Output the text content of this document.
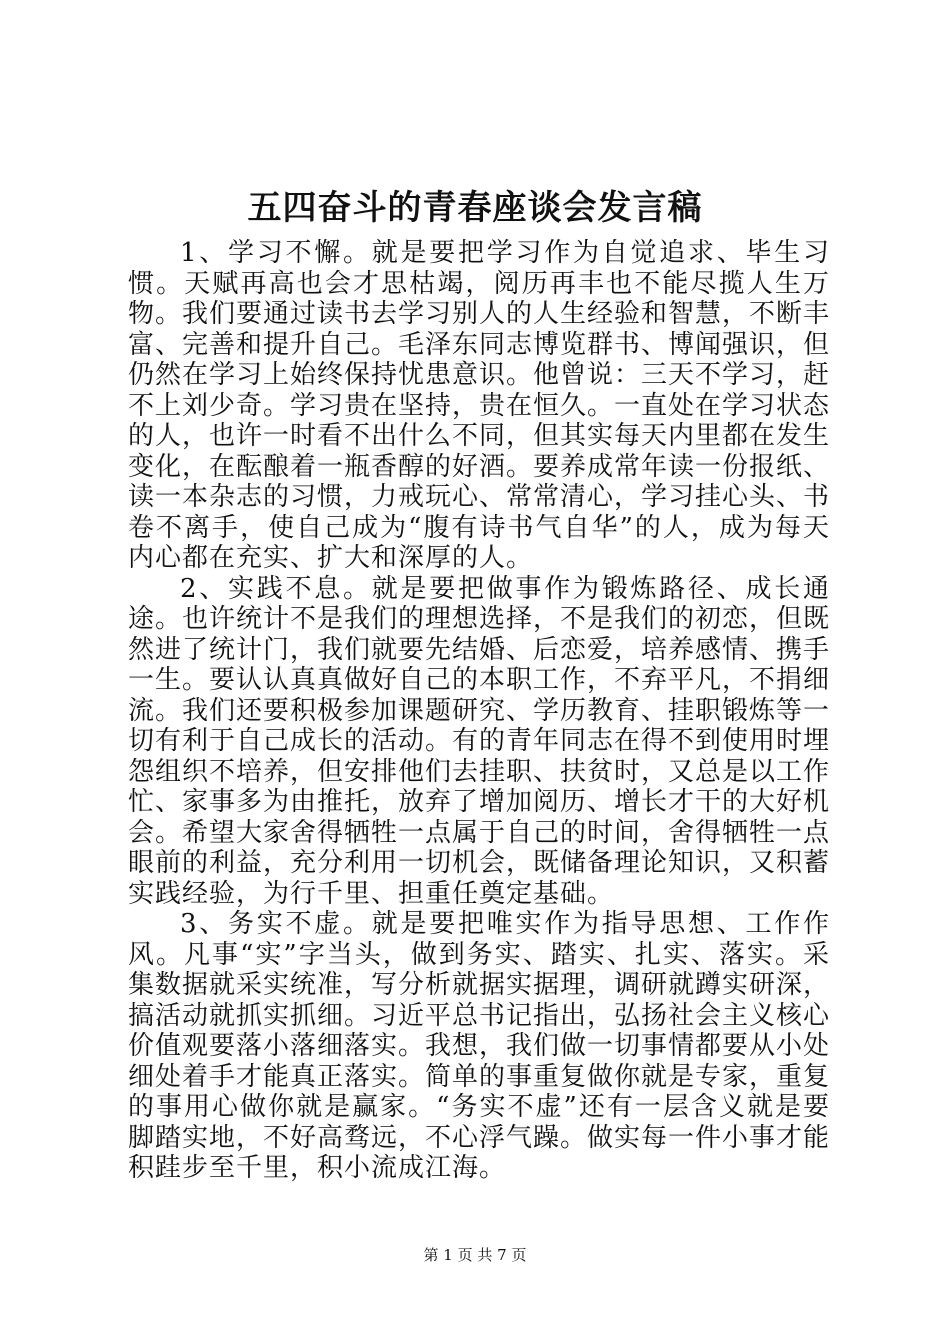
五四奋斗的青春座谈会发言稿

1、学习不懈。就是要把学习作为自觉追求、毕生习惯。天赋再高也会才思枯竭，阅历再丰也不能尽揽人生万物。我们要通过读书去学习别人的人生经验和智慧，不断丰富、完善和提升自己。毛泽东同志博览群书、博闻强识，但仍然在学习上始终保持忧患意识。他曾说：三天不学习，赶不上刘少奇。学习贵在坚持，贵在恒久。一直处在学习状态的人，也许一时看不出什么不同，但其实每天内里都在发生变化，在酝酿着一瓶香醇的好酒。要养成常年读一份报纸、读一本杂志的习惯，力戒玩心、常常清心，学习挂心头、书卷不离手，使自己成为“腹有诗书气自华”的人，成为每天内心都在充实、扩大和深厚的人。

2、实践不息。就是要把做事作为锻炼路径、成长通途。也许统计不是我们的理想选择，不是我们的初恋，但既然进了统计门，我们就要先结婚、后恋爱，培养感情、携手一生。要认认真真做好自己的本职工作，不弃平凡，不捐细流。我们还要积极参加课题研究、学历教育、挂职锻炼等一切有利于自己成长的活动。有的青年同志在得不到使用时埋怨组织不培养，但安排他们去挂职、扶贫时，又总是以工作忙、家事多为由推托，放弃了增加阅历、增长才干的大好机会。希望大家舍得牺牲一点属于自己的时间，舍得牺牲一点眼前的利益，充分利用一切机会，既储备理论知识，又积蓄实践经验，为行千里、担重任奠定基础。

3、务实不虚。就是要把唯实作为指导思想、工作作风。凡事“实”字当头，做到务实、踏实、扎实、落实。采集数据就采实统准，写分析就据实据理，调研就蹲实研深，搞活动就抓实抓细。习近平总书记指出，弘扬社会主义核心价值观要落小落细落实。我想，我们做一切事情都要从小处细处着手才能真正落实。简单的事重复做你就是专家，重复的事用心做你就是赢家。“务实不虚”还有一层含义就是要脚踏实地，不好高骛远，不心浮气躁。做实每一件小事才能积跬步至千里，积小流成江海。

第 1 页 共 7 页
